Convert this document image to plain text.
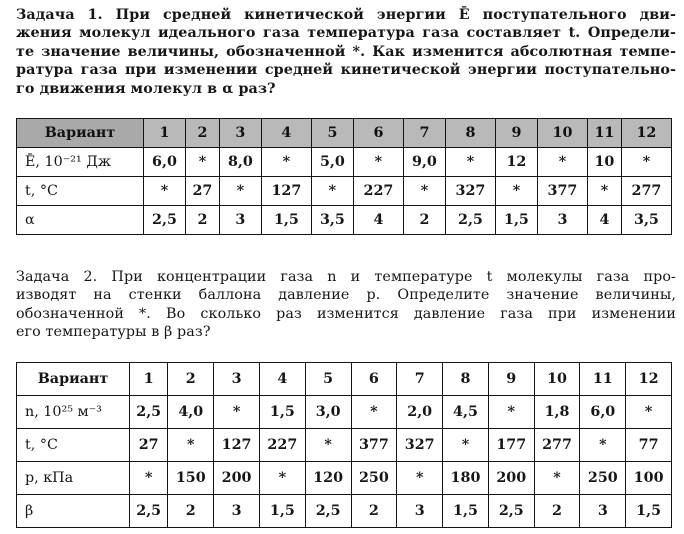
Задача 1. При средней кинетической энергии Ē поступательного дви-
жения молекул идеального газа температура газа составляет t. Определи-
те значение величины, обозначенной *. Как изменится абсолютная темпе-
ратура газа при изменении средней кинетической энергии поступательно-
го движения молекул в α раз?
Вариант	1	2	3	4	5	6	7	8	9	10	11	12
Ē, 10⁻²¹ Дж	6,0	*	8,0	*	5,0	*	9,0	*	12	*	10	*
t, °C	*	27	*	127	*	227	*	327	*	377	*	277
α	2,5	2	3	1,5	3,5	4	2	2,5	1,5	3	4	3,5
Задача 2. При концентрации газа n и температуре t молекулы газа про-
изводят на стенки баллона давление p. Определите значение величины,
обозначенной *. Во сколько раз изменится давление газа при изменении
его температуры в β раз?
Вариант	1	2	3	4	5	6	7	8	9	10	11	12
n, 10²⁵ м⁻³	2,5	4,0	*	1,5	3,0	*	2,0	4,5	*	1,8	6,0	*
t, °C	27	*	127	227	*	377	327	*	177	277	*	77
p, кПа	*	150	200	*	120	250	*	180	200	*	250	100
β	2,5	2	3	1,5	2,5	2	3	1,5	2,5	2	3	1,5
